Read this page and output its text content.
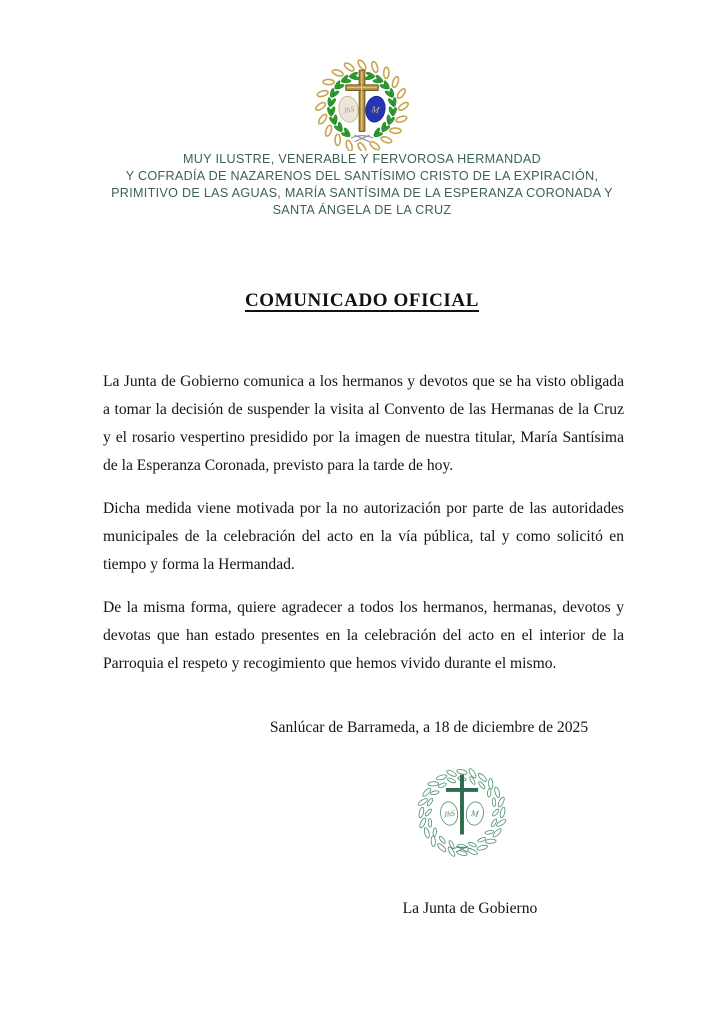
JhS M
MUY ILUSTRE, VENERABLE Y FERVOROSA HERMANDAD
Y COFRADÍA DE NAZARENOS DEL SANTÍSIMO CRISTO DE LA EXPIRACIÓN,
PRIMITIVO DE LAS AGUAS, MARÍA SANTÍSIMA DE LA ESPERANZA CORONADA Y
SANTA ÁNGELA DE LA CRUZ
COMUNICADO OFICIAL

La Junta de Gobierno comunica a los hermanos y devotos que se ha visto obligada a tomar la decisión de suspender la visita al Convento de las Hermanas de la Cruz y el rosario vespertino presidido por la imagen de nuestra titular, María Santísima de la Esperanza Coronada, previsto para la tarde de hoy.

Dicha medida viene motivada por la no autorización por parte de las autoridades municipales de la celebración del acto en la vía pública, tal y como solicitó en tiempo y forma la Hermandad.

De la misma forma, quiere agradecer a todos los hermanos, hermanas, devotos y devotas que han estado presentes en la celebración del acto en el interior de la Parroquia el respeto y recogimiento que hemos vivido durante el mismo.

Sanlúcar de Barrameda, a 18 de diciembre de 2025
JhS M
La Junta de Gobierno
